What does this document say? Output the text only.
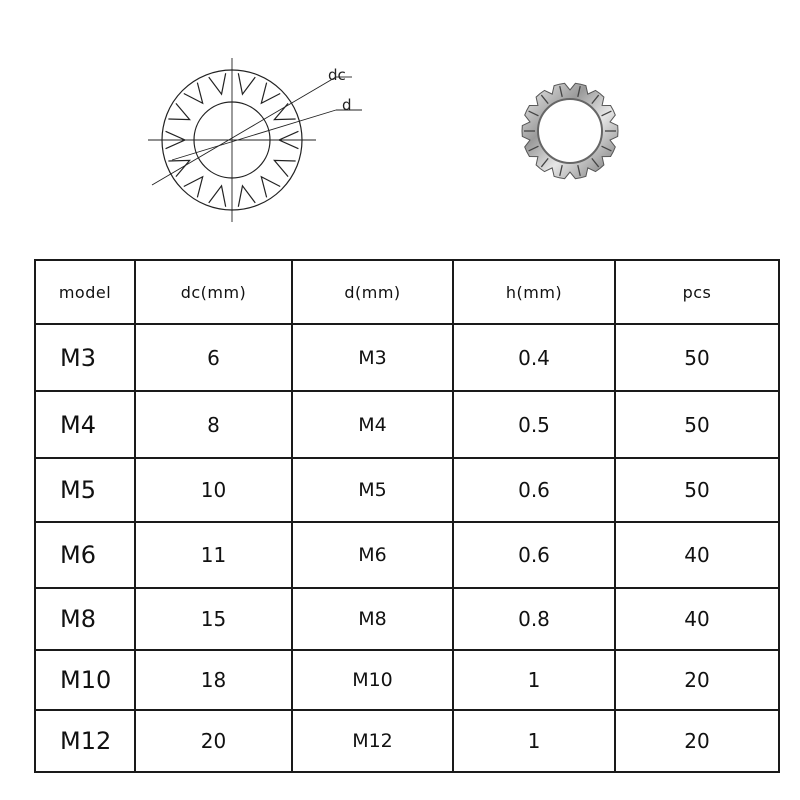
dc
d
model	dc(mm)	d(mm)	h(mm)	pcs
M3	6	M3	0.4	50
M4	8	M4	0.5	50
M5	10	M5	0.6	50
M6	11	M6	0.6	40
M8	15	M8	0.8	40
M10	18	M10	1	20
M12	20	M12	1	20
